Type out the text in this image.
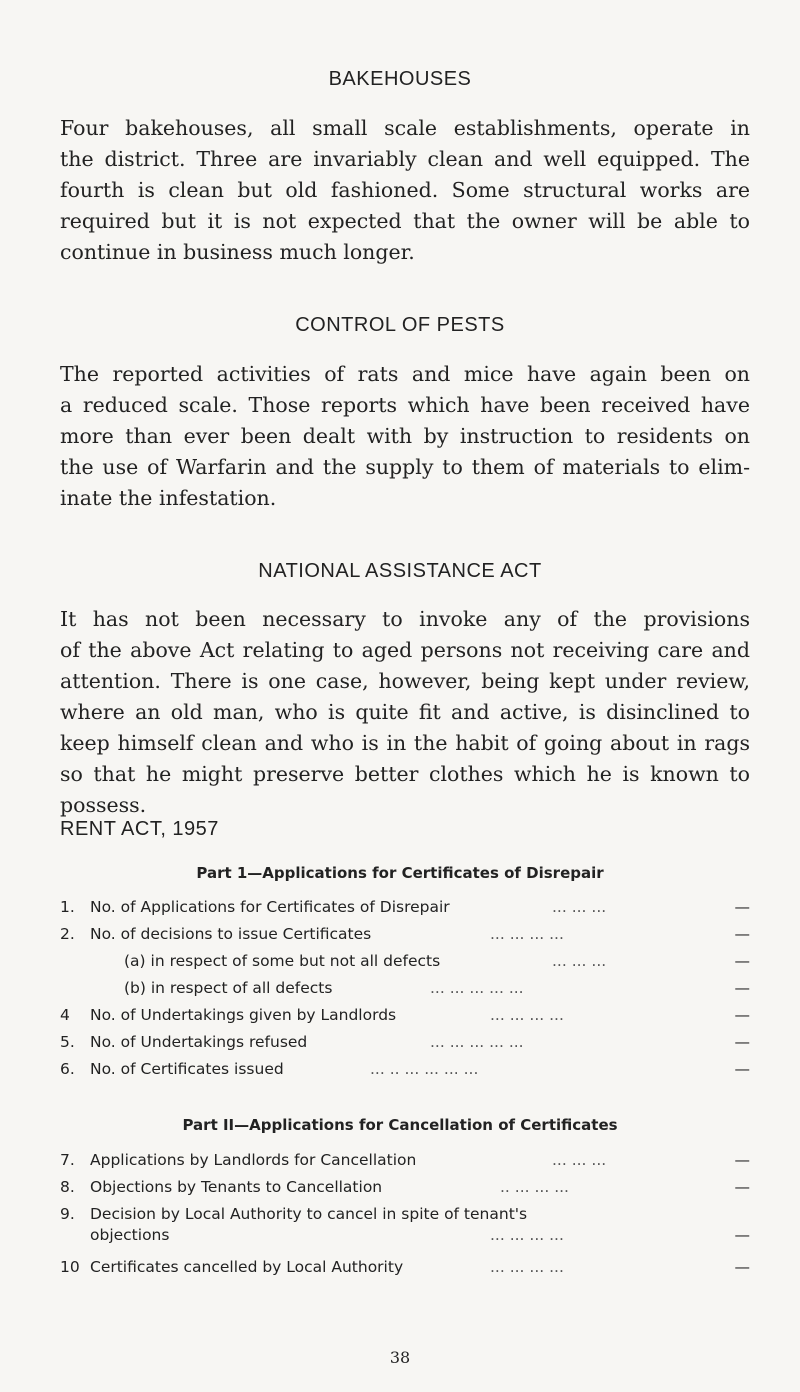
BAKEHOUSES
Four bakehouses, all small scale establishments, operate in
the district. Three are invariably clean and well equipped. The
fourth is clean but old fashioned. Some structural works are
required but it is not expected that the owner will be able to
continue in business much longer.
CONTROL OF PESTS
The reported activities of rats and mice have again been on
a reduced scale. Those reports which have been received have
more than ever been dealt with by instruction to residents on
the use of Warfarin and the supply to them of materials to elim-
inate the infestation.
NATIONAL ASSISTANCE ACT
It has not been necessary to invoke any of the provisions
of the above Act relating to aged persons not receiving care and
attention. There is one case, however, being kept under review,
where an old man, who is quite fit and active, is disinclined to
keep himself clean and who is in the habit of going about in rags
so that he might preserve better clothes which he is known to
possess.
RENT ACT, 1957
Part 1—Applications for Certificates of Disrepair
1. No. of Applications for Certificates of Disrepair	... ... ...	—
2. No. of decisions to issue Certificates	... ... ... ...	—
(a) in respect of some but not all defects	... ... ...	—
(b) in respect of all defects	... ... ... ... ...	—
4	No. of Undertakings given by Landlords	... ... ... ...	—
5. No. of Undertakings refused	... ... ... ... ...	—
6. No. of Certificates issued	... .. ... ... ... ...	—
Part II—Applications for Cancellation of Certificates
7. Applications by Landlords for Cancellation	... ... ...	—
8. Objections by Tenants to Cancellation	.. ... ... ...	—
9. Decision by Local Authority to cancel in spite of tenant's
objections	... ... ... ...	—
10 Certificates cancelled by Local Authority	... ... ... ...	—
38
